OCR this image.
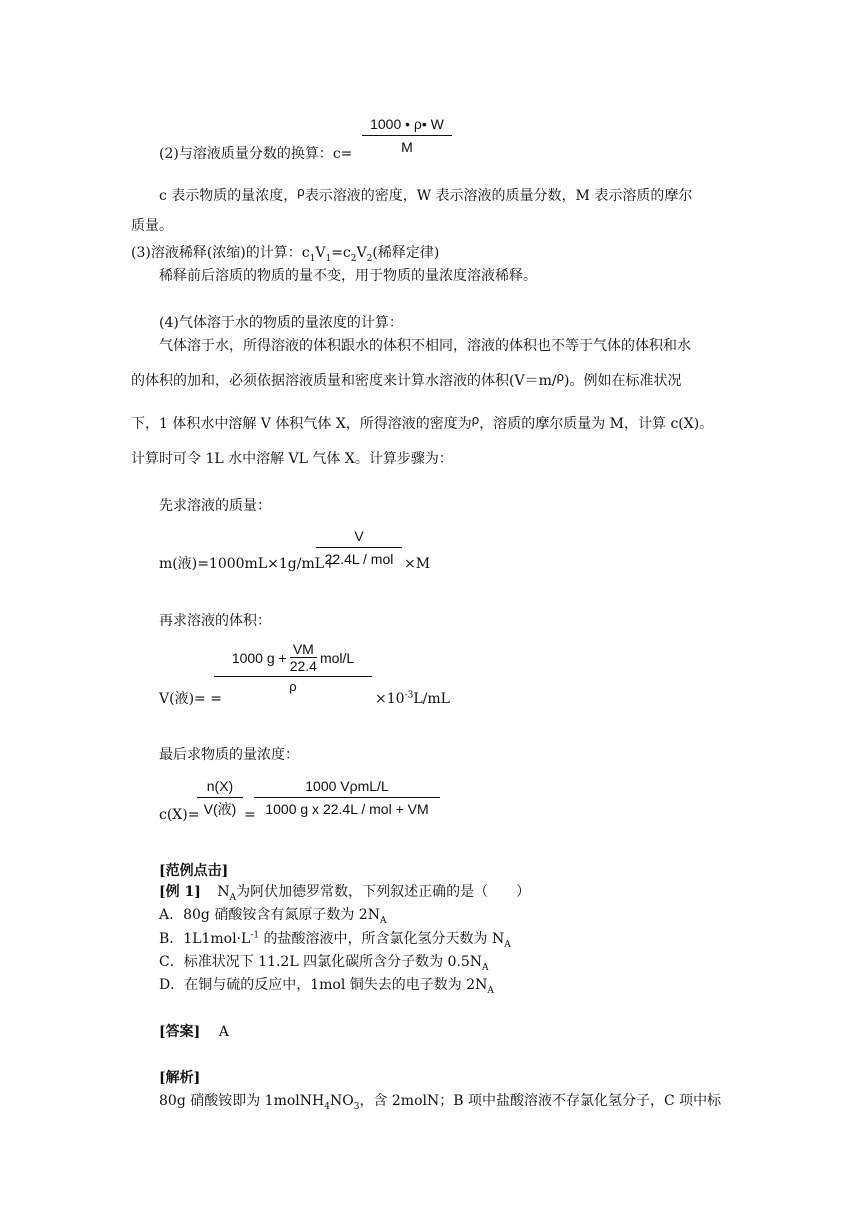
(2)与溶液质量分数的换算：c=
1000 • ρ• W
M
c 表示物质的量浓度，ρ表示溶液的密度，W 表示溶液的质量分数，M 表示溶质的摩尔
质量。
(3)溶液稀释(浓缩)的计算：$c_1V_1=c_2V_2$(稀释定律)
稀释前后溶质的物质的量不变，用于物质的量浓度溶液稀释。
(4)气体溶于水的物质的量浓度的计算：
气体溶于水，所得溶液的体积跟水的体积不相同，溶液的体积也不等于气体的体积和水
的体积的加和，必须依据溶液质量和密度来计算水溶液的体积(V＝m/ρ)。例如在标准状况
下，1 体积水中溶解 V 体积气体 X，所得溶液的密度为ρ，溶质的摩尔质量为 M，计算 c(X)。
计算时可令 1L 水中溶解 VL 气体 X。计算步骤为：
先求溶液的质量：
m(液)=1000mL×1g/mL+
V
22.4L / mol ×M
再求溶液的体积：
V(液)= =
1000 g +
VM
22.4
mol/L
ρ
$\times 10^{-3}L/mL$
最后求物质的量浓度：
c(X)=
n(X)
V(液) =
1000 VρmL/L
1000 g x 22.4L / mol + VM
[范例点击]
[例 1] $N_A$为阿伏加德罗常数，下列叙述正确的是（　　）
A．80g 硝酸铵含有氮原子数为 $2N_A$
B．$1L1mol\cdot L^{-1}$ 的盐酸溶液中，所含氯化氢分天数为 $N_A$
C．标准状况下 11.2L 四氯化碳所含分子数为 $0.5N_A$
D．在铜与硫的反应中，1mol 铜失去的电子数为 $2N_A$
[答案] A
[解析]
80g 硝酸铵即为 $1molNH_4NO_3$，含 2molN；B 项中盐酸溶液不存氯化氢分子，C 项中标
